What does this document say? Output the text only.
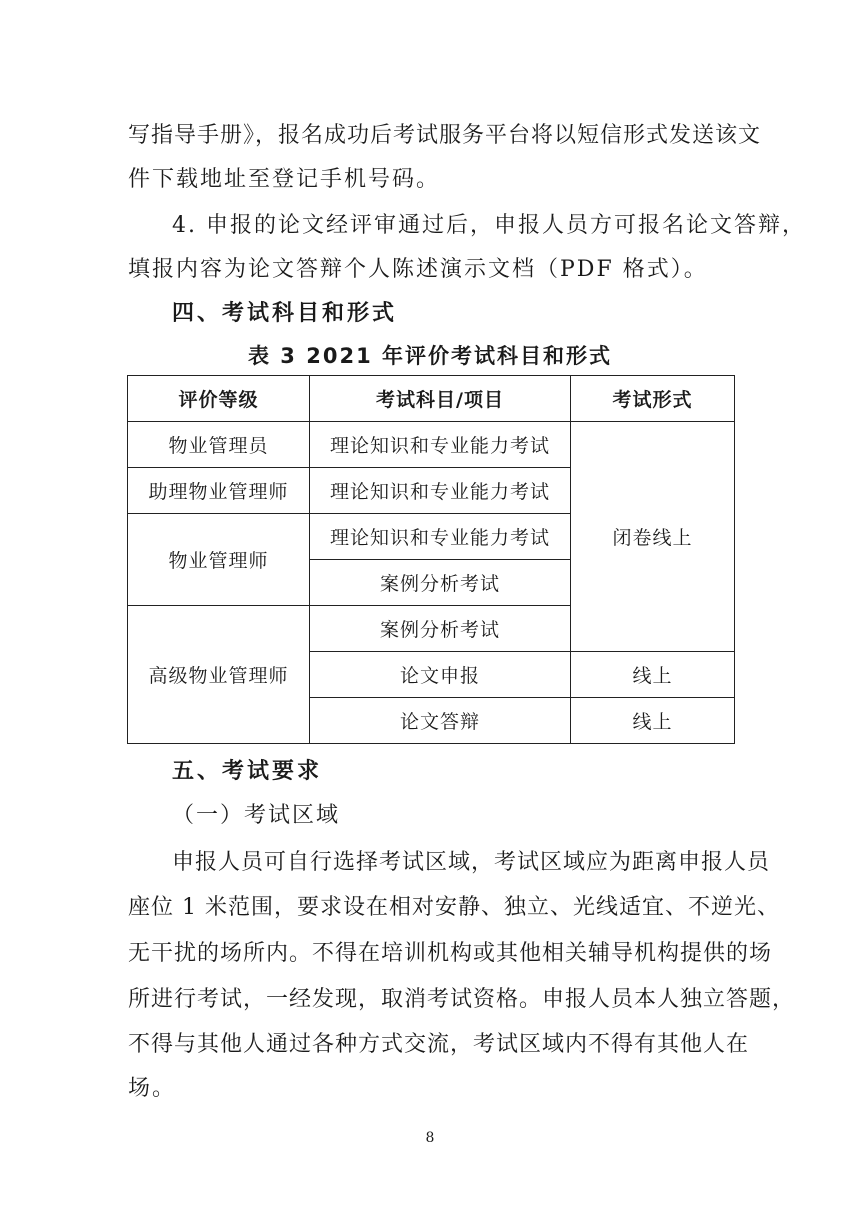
写指导手册》，报名成功后考试服务平台将以短信形式发送该文
件下载地址至登记手机号码。
4. 申报的论文经评审通过后，申报人员方可报名论文答辩，
填报内容为论文答辩个人陈述演示文档（PDF 格式）。
四、考试科目和形式
表 3 2021 年评价考试科目和形式
评价等级	考试科目/项目	考试形式
物业管理员	理论知识和专业能力考试	闭卷线上
助理物业管理师	理论知识和专业能力考试	
物业管理师	理论知识和专业能力考试	
	案例分析考试	
高级物业管理师	案例分析考试	
	论文申报	线上
	论文答辩	线上
五、考试要求
（一）考试区域
申报人员可自行选择考试区域，考试区域应为距离申报人员
座位 1 米范围，要求设在相对安静、独立、光线适宜、不逆光、
无干扰的场所内。不得在培训机构或其他相关辅导机构提供的场
所进行考试，一经发现，取消考试资格。申报人员本人独立答题，
不得与其他人通过各种方式交流，考试区域内不得有其他人在
场。
8
